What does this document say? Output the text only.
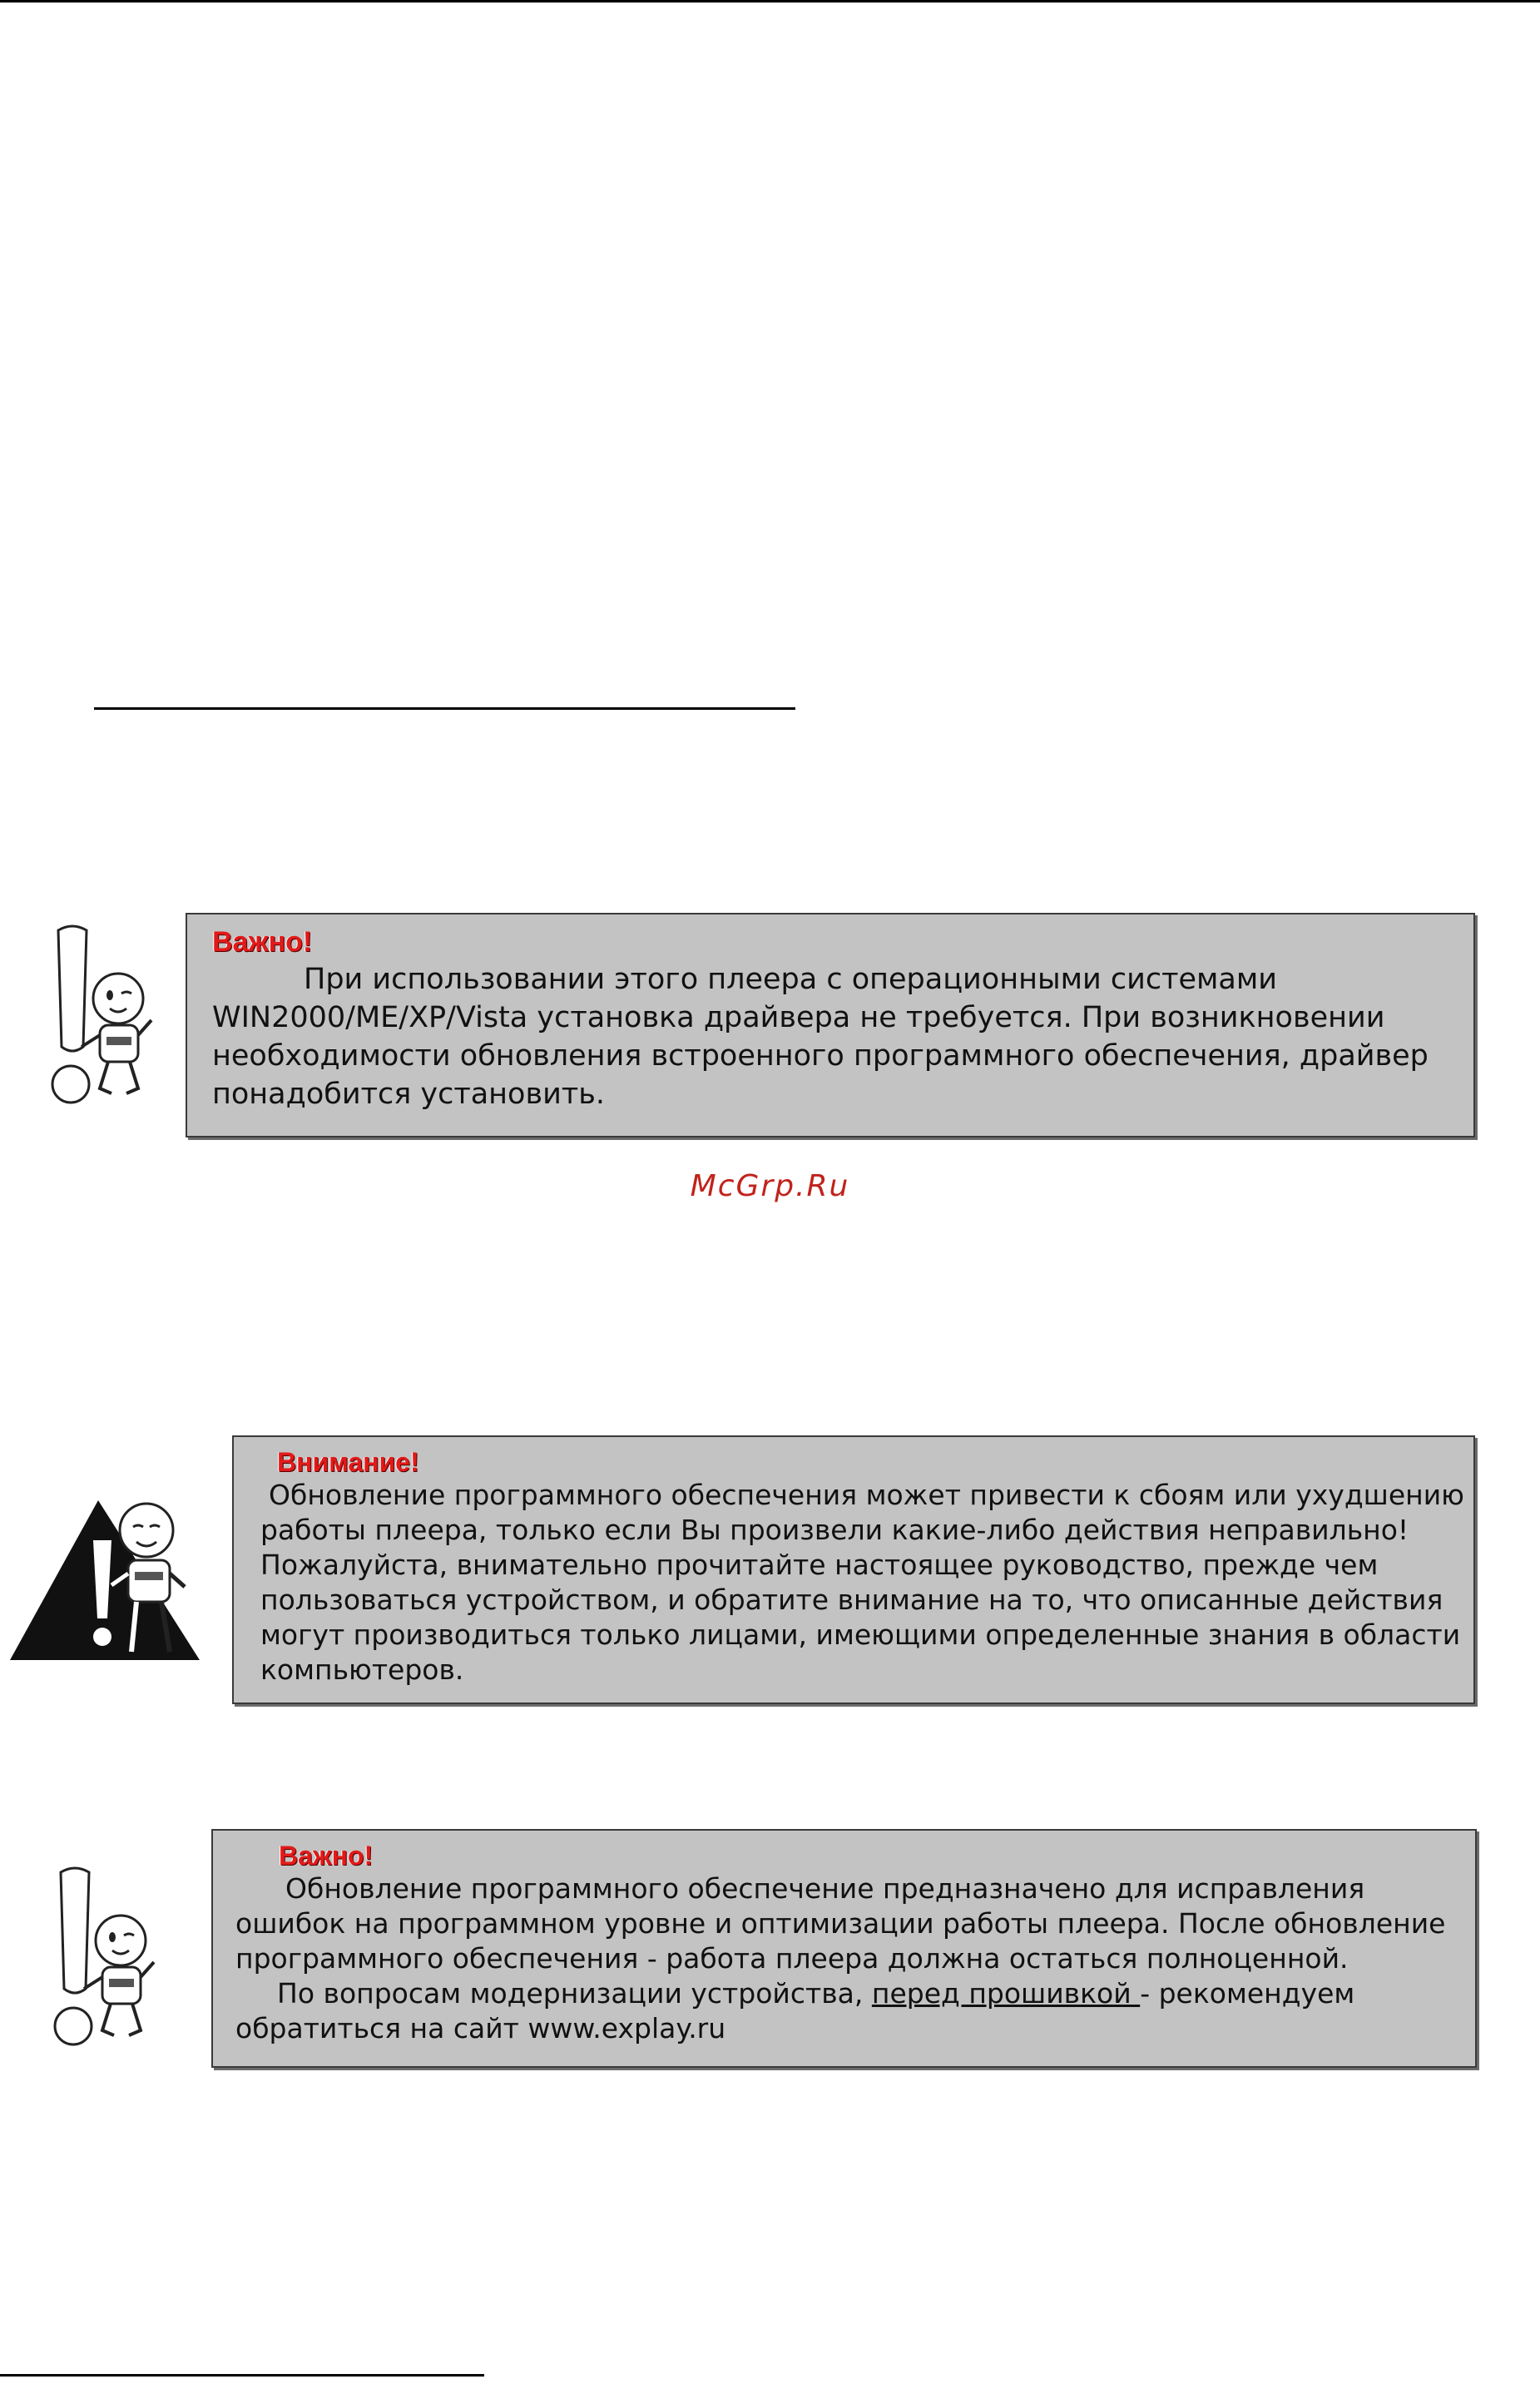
Важно!

При использовании этого плеера с операционными системами WIN2000/ME/XP/Vista установка драйвера не требуется. При возникновении необходимости обновления встроенного программного обеспечения, драйвер понадобится установить.

McGrp.Ru
Внимание!

Обновление программного обеспечения может привести к сбоям или ухудшению работы плеера, только если Вы произвели какие-либо действия неправильно! Пожалуйста, внимательно прочитайте настоящее руководство, прежде чем пользоваться устройством, и обратите внимание на то, что описанные действия могут производиться только лицами, имеющими определенные знания в области компьютеров.

Важно!

Обновление программного обеспечение предназначено для исправления ошибок на программном уровне и оптимизации работы плеера. После обновление программного обеспечения - работа плеера должна остаться полноценной.

По вопросам модернизации устройства, перед прошивкой - рекомендуем обратиться на сайт www.explay.ru
